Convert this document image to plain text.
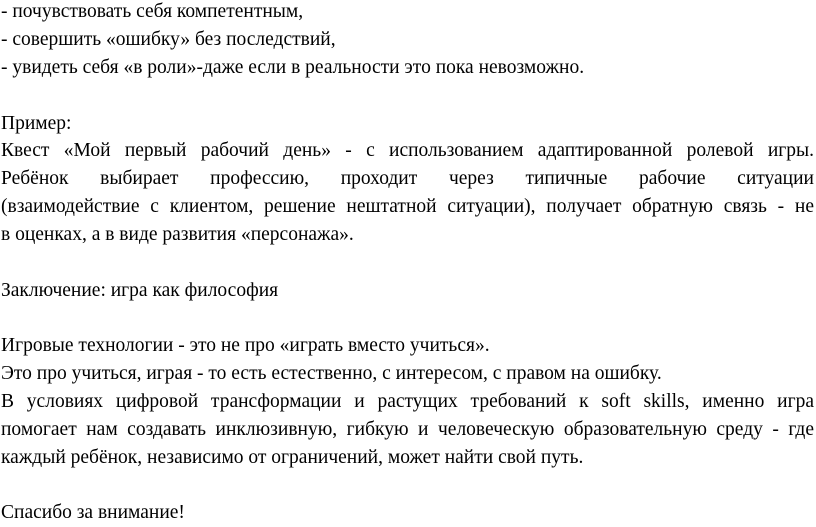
- почувствовать себя компетентным,
- совершить «ошибку» без последствий,
- увидеть себя «в роли»-даже если в реальности это пока невозможно.
Пример:
Квест «Мой первый рабочий день» - с использованием адаптированной ролевой игры.
Ребёнок выбирает профессию, проходит через типичные рабочие ситуации
(взаимодействие с клиентом, решение нештатной ситуации), получает обратную связь - не
в оценках, а в виде развития «персонажа».
Заключение: игра как философия
Игровые технологии - это не про «играть вместо учиться».
Это про учиться, играя - то есть естественно, с интересом, с правом на ошибку.
В условиях цифровой трансформации и растущих требований к soft skills, именно игра
помогает нам создавать инклюзивную, гибкую и человеческую образовательную среду - где
каждый ребёнок, независимо от ограничений, может найти свой путь.
Спасибо за внимание!
